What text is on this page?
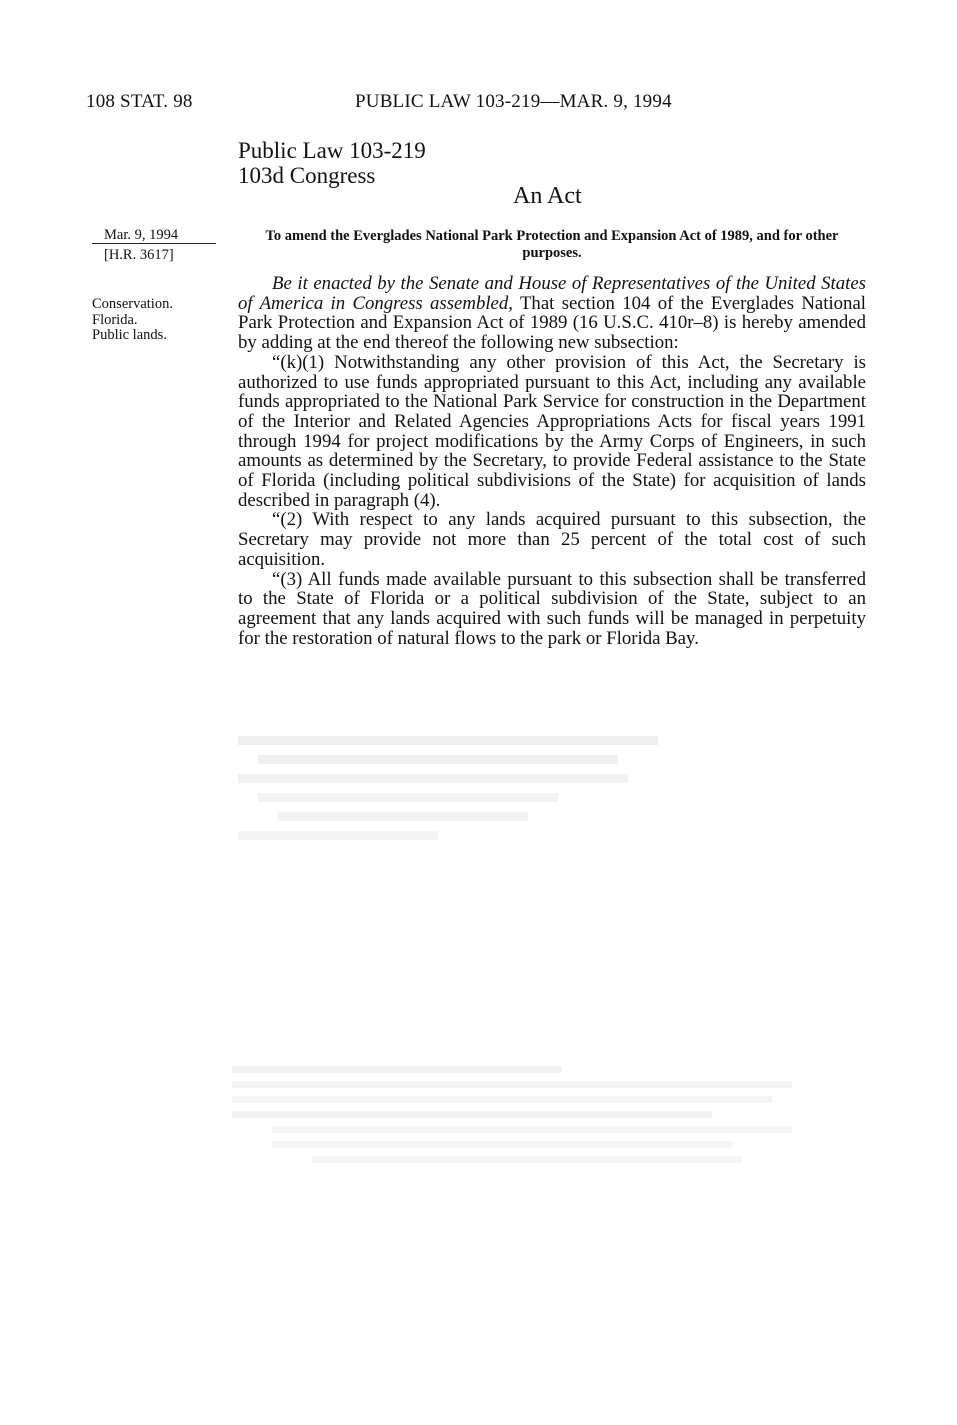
108 STAT. 98	PUBLIC LAW 103-219—MAR. 9, 1994
Public Law 103-219
103d Congress
An Act
Mar. 9, 1994
[H.R. 3617]
Conservation.
Florida.
Public lands.
To amend the Everglades National Park Protection and Expansion Act of 1989, and for other purposes.

Be it enacted by the Senate and House of Representatives of the United States of America in Congress assembled, That section 104 of the Everglades National Park Protection and Expansion Act of 1989 (16 U.S.C. 410r–8) is hereby amended by adding at the end thereof the following new subsection:

“(k)(1) Notwithstanding any other provision of this Act, the Secretary is authorized to use funds appropriated pursuant to this Act, including any available funds appropriated to the National Park Service for construction in the Department of the Interior and Related Agencies Appropriations Acts for fiscal years 1991 through 1994 for project modifications by the Army Corps of Engineers, in such amounts as determined by the Secretary, to provide Federal assistance to the State of Florida (including political subdivisions of the State) for acquisition of lands described in paragraph (4).

“(2) With respect to any lands acquired pursuant to this subsection, the Secretary may provide not more than 25 percent of the total cost of such acquisition.

“(3) All funds made available pursuant to this subsection shall be transferred to the State of Florida or a political subdivision of the State, subject to an agreement that any lands acquired with such funds will be managed in perpetuity for the restoration of natural flows to the park or Florida Bay.
